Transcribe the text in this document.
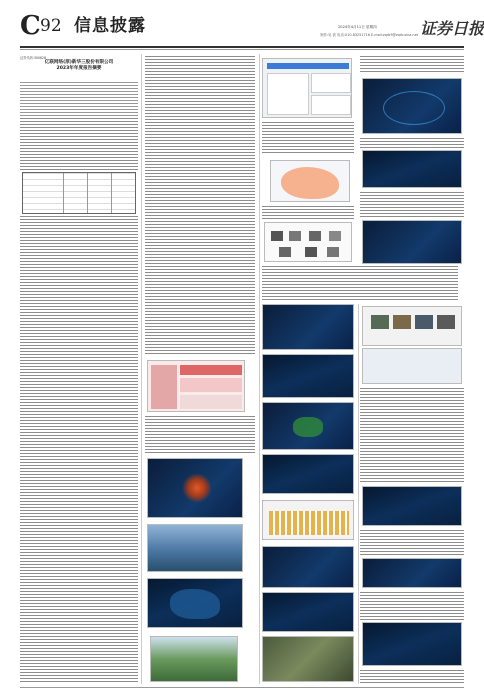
C 92 信息披露	2024年4月11日 星期四
制作:吴 波 电话:010-83251716 E-mail:zqrb9@zqrb.sina.net 证券日报
证券代码:300628
亿联网络(原)新华三股份有限公司
2023年年度报告摘要
